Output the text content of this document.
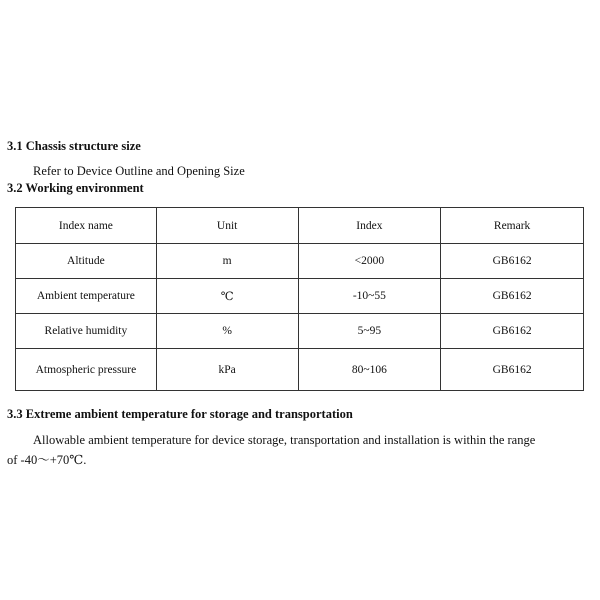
3.1 Chassis structure size
Refer to Device Outline and Opening Size
3.2 Working environment
Index name	Unit	Index	Remark
Altitude	m	<2000	GB6162
Ambient temperature	℃	-10~55	GB6162
Relative humidity	%	5~95	GB6162
Atmospheric pressure	kPa	80~106	GB6162
3.3 Extreme ambient temperature for storage and transportation
Allowable ambient temperature for device storage, transportation and installation is within the range
of -40～+70℃.
